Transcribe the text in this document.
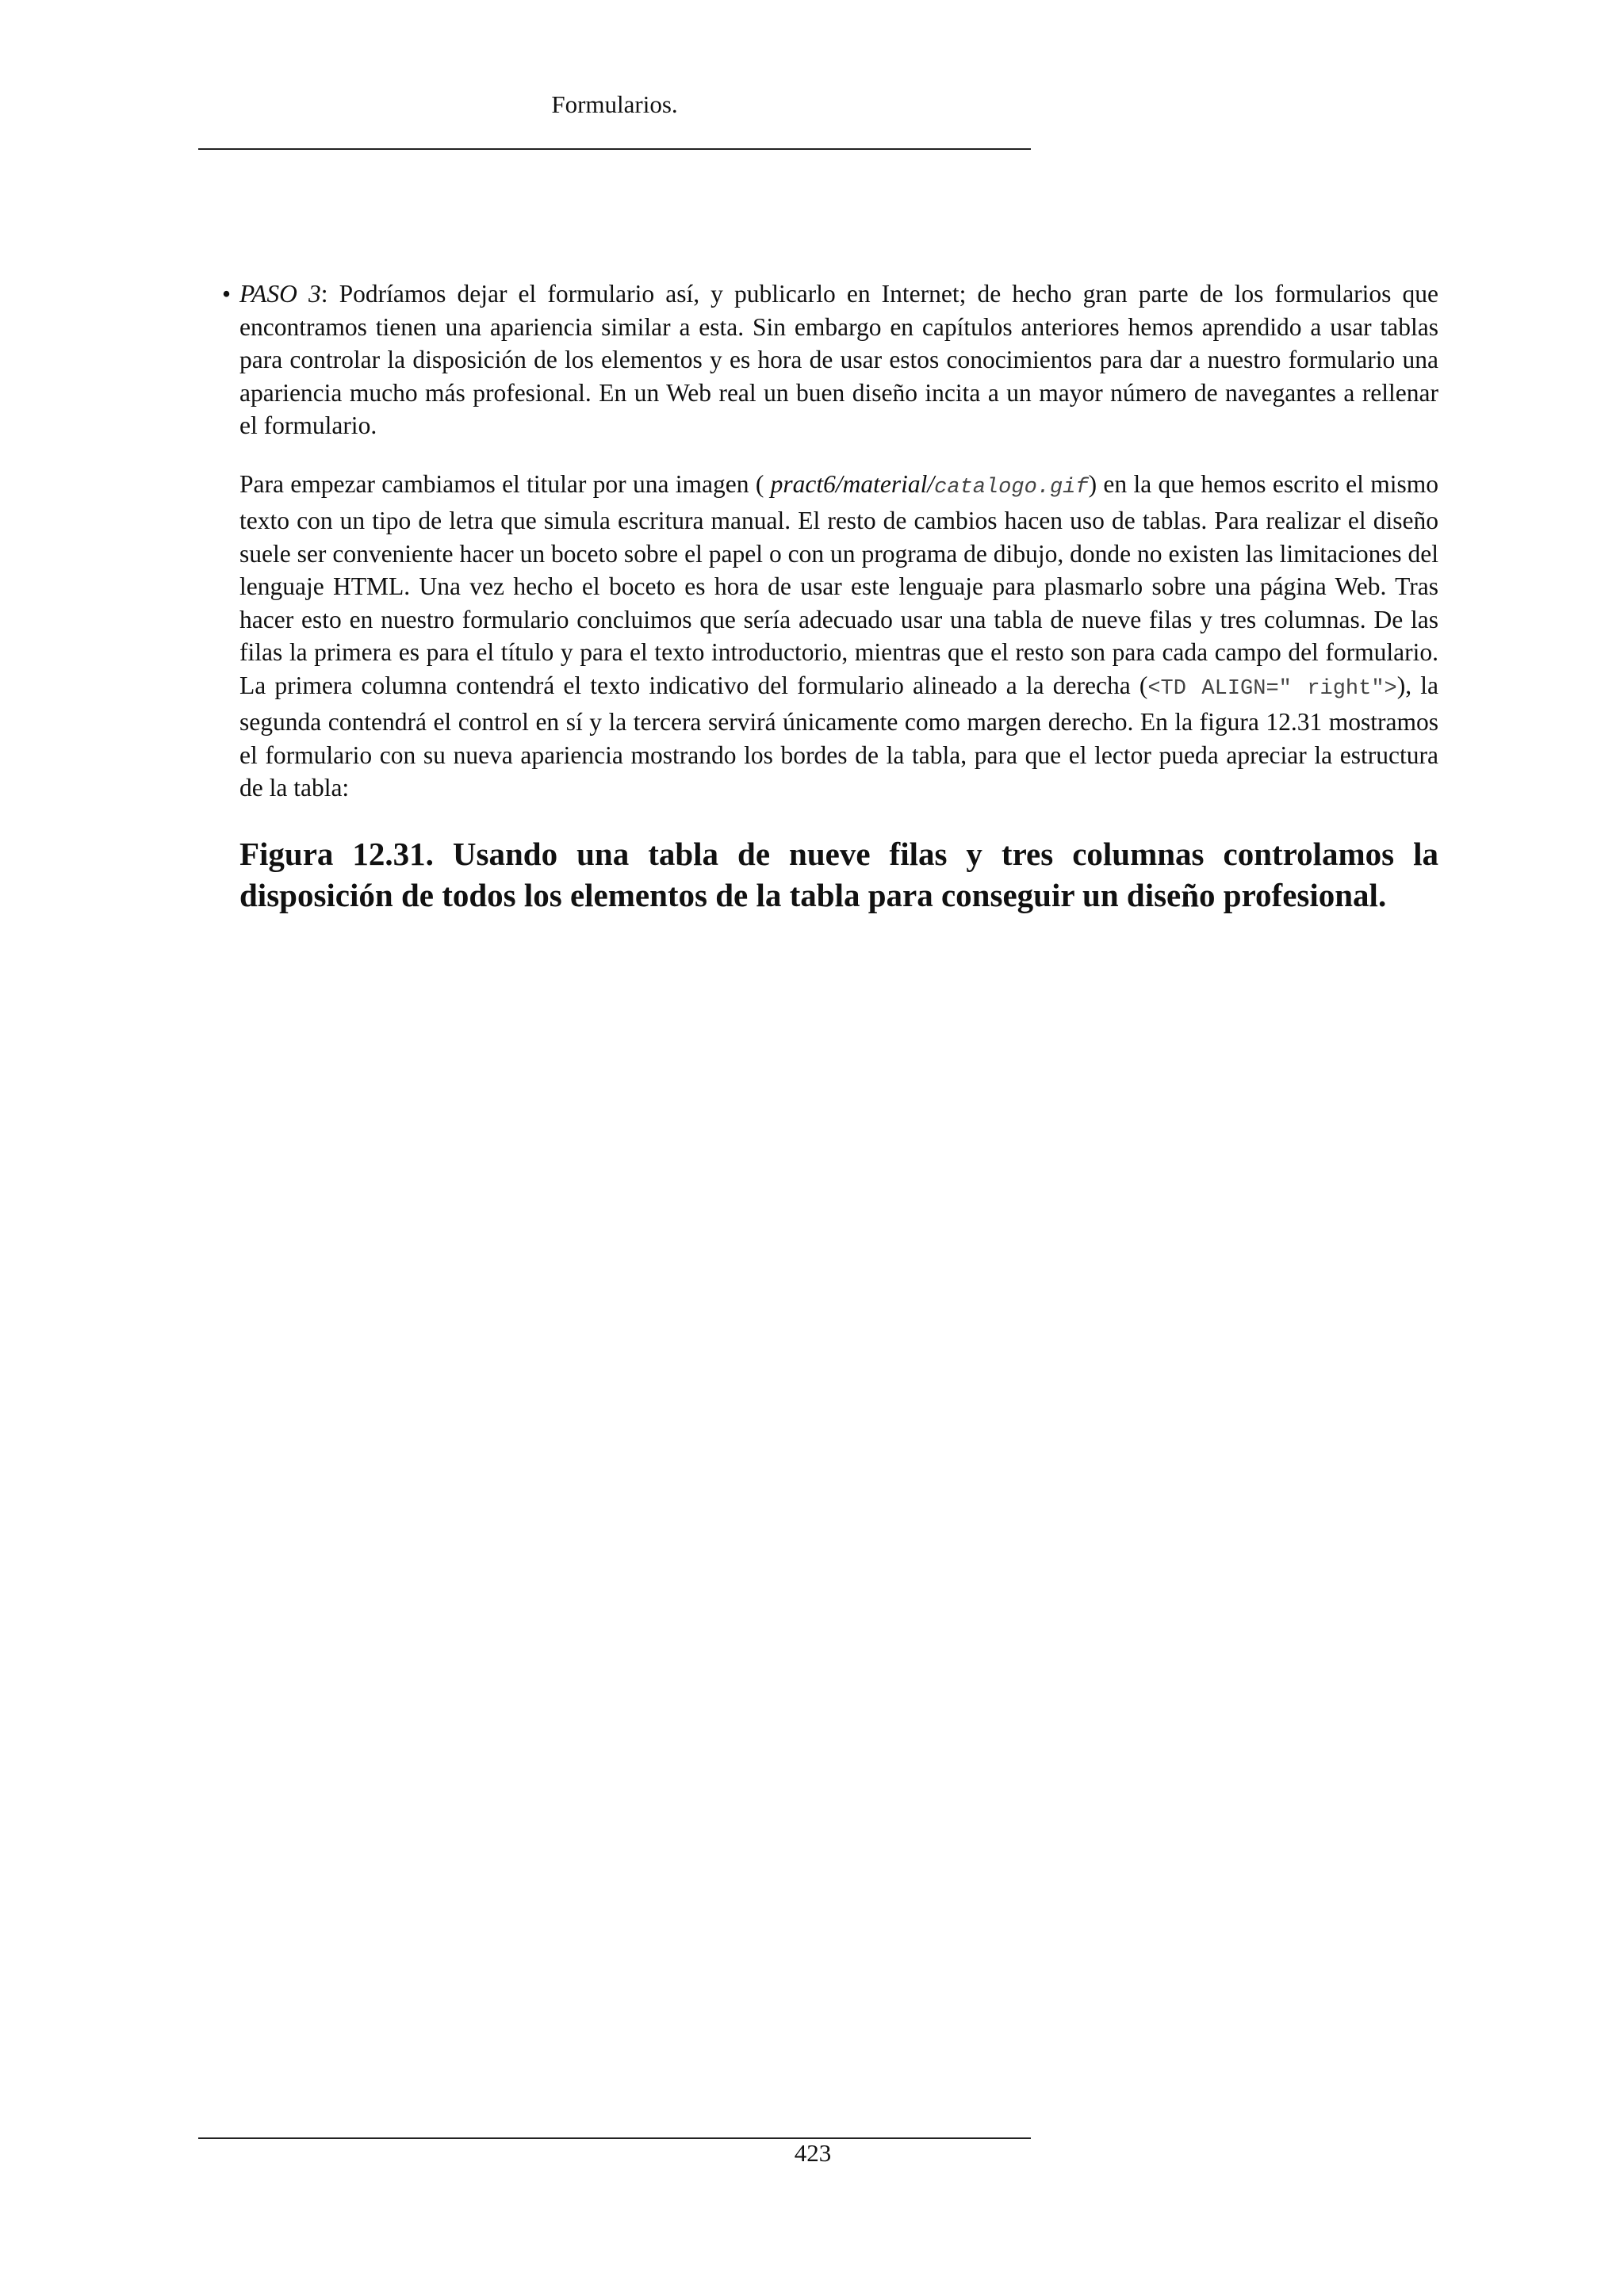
Formularios.
• PASO 3: Podríamos dejar el formulario así, y publicarlo en Internet; de hecho gran parte de los formularios que encontramos tienen una apariencia similar a esta. Sin embargo en capítulos anteriores hemos aprendido a usar tablas para controlar la disposición de los elementos y es hora de usar estos conocimientos para dar a nuestro formulario una apariencia mucho más profesional. En un Web real un buen diseño incita a un mayor número de navegantes a rellenar el formulario.
Para empezar cambiamos el titular por una imagen ( pract6/material/catalogo.gif) en la que hemos escrito el mismo texto con un tipo de letra que simula escritura manual. El resto de cambios hacen uso de tablas. Para realizar el diseño suele ser conveniente hacer un boceto sobre el papel o con un programa de dibujo, donde no existen las limitaciones del lenguaje HTML. Una vez hecho el boceto es hora de usar este lenguaje para plasmarlo sobre una página Web. Tras hacer esto en nuestro formulario concluimos que sería adecuado usar una tabla de nueve filas y tres columnas. De las filas la primera es para el título y para el texto introductorio, mientras que el resto son para cada campo del formulario. La primera columna contendrá el texto indicativo del formulario alineado a la derecha (<TD ALIGN=" right">), la segunda contendrá el control en sí y la tercera servirá únicamente como margen derecho. En la figura 12.31 mostramos el formulario con su nueva apariencia mostrando los bordes de la tabla, para que el lector pueda apreciar la estructura de la tabla:
Figura 12.31. Usando una tabla de nueve filas y tres columnas controlamos la disposición de todos los elementos de la tabla para conseguir un diseño profesional.
423
